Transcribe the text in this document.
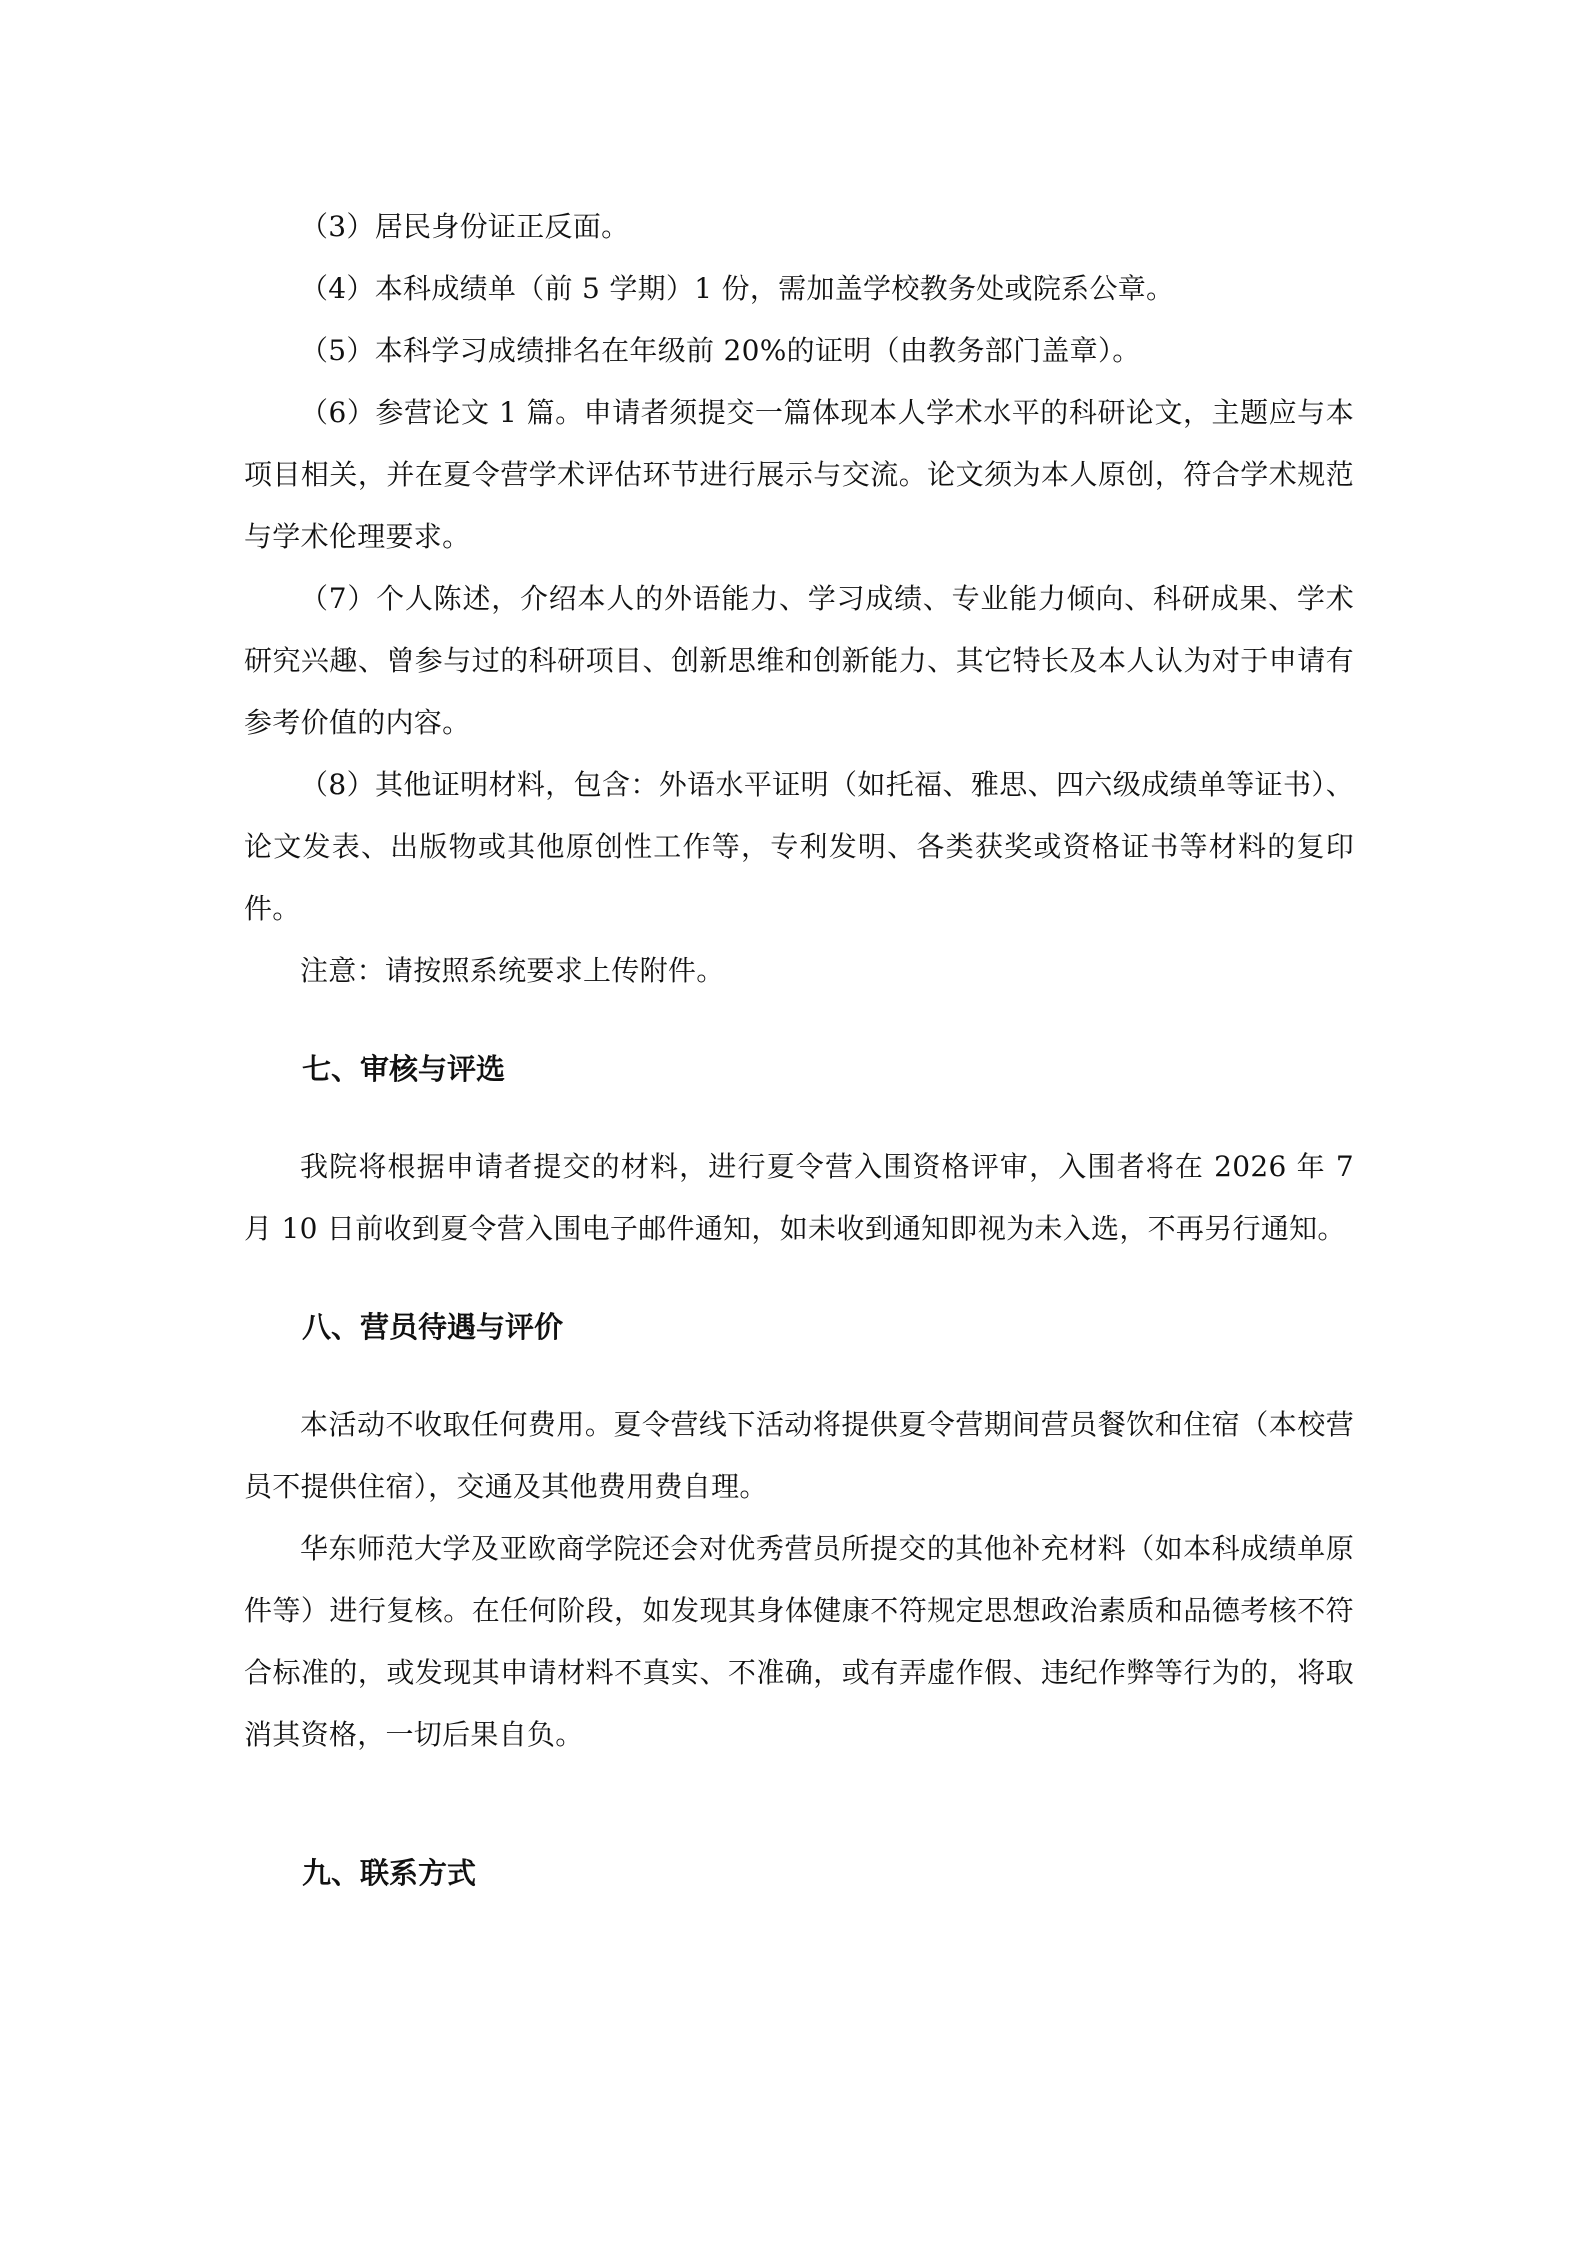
（3）居民身份证正反面。

（4）本科成绩单（前 5 学期）1 份，需加盖学校教务处或院系公章。

（5）本科学习成绩排名在年级前 20%的证明（由教务部门盖章）。

（6）参营论文 1 篇。申请者须提交一篇体现本人学术水平的科研论文，主题应与本项目相关，并在夏令营学术评估环节进行展示与交流。论文须为本人原创，符合学术规范与学术伦理要求。

（7）个人陈述，介绍本人的外语能力、学习成绩、专业能力倾向、科研成果、学术研究兴趣、曾参与过的科研项目、创新思维和创新能力、其它特长及本人认为对于申请有参考价值的内容。

（8）其他证明材料，包含：外语水平证明（如托福、雅思、四六级成绩单等证书）、论文发表、出版物或其他原创性工作等，专利发明、各类获奖或资格证书等材料的复印件。

注意：请按照系统要求上传附件。

七、审核与评选

我院将根据申请者提交的材料，进行夏令营入围资格评审，入围者将在 2026 年 7 月 10 日前收到夏令营入围电子邮件通知，如未收到通知即视为未入选，不再另行通知。

八、营员待遇与评价

本活动不收取任何费用。夏令营线下活动将提供夏令营期间营员餐饮和住宿（本校营员不提供住宿），交通及其他费用费自理。

华东师范大学及亚欧商学院还会对优秀营员所提交的其他补充材料（如本科成绩单原件等）进行复核。在任何阶段，如发现其身体健康不符规定思想政治素质和品德考核不符合标准的，或发现其申请材料不真实、不准确，或有弄虚作假、违纪作弊等行为的，将取消其资格，一切后果自负。

九、联系方式
